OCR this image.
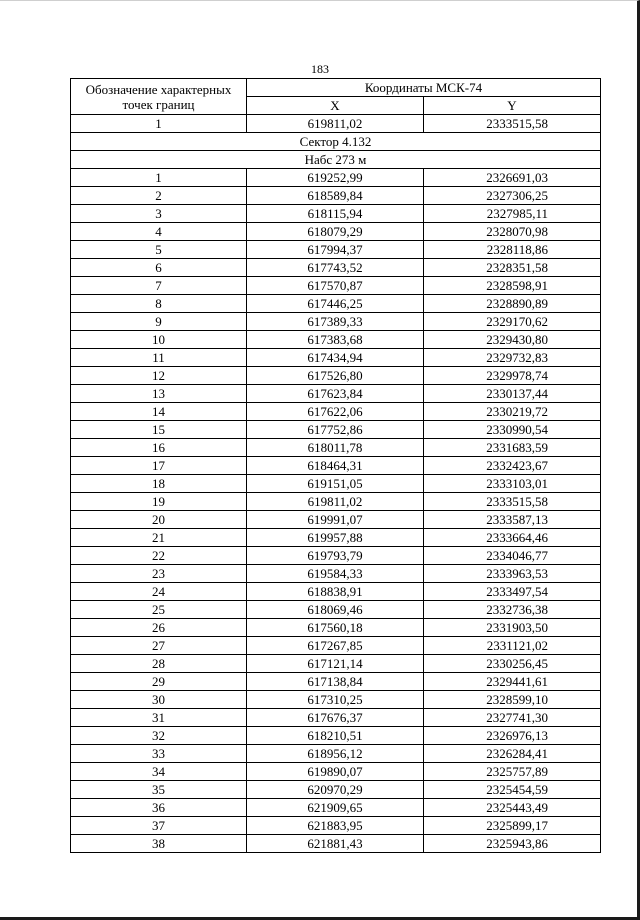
183
Обозначение характерных точек границ	Координаты МСК-74	
	X	Y
1	619811,02	2333515,58
Сектор 4.132		
Набс 273 м		
1	619252,99	2326691,03
2	618589,84	2327306,25
3	618115,94	2327985,11
4	618079,29	2328070,98
5	617994,37	2328118,86
6	617743,52	2328351,58
7	617570,87	2328598,91
8	617446,25	2328890,89
9	617389,33	2329170,62
10	617383,68	2329430,80
11	617434,94	2329732,83
12	617526,80	2329978,74
13	617623,84	2330137,44
14	617622,06	2330219,72
15	617752,86	2330990,54
16	618011,78	2331683,59
17	618464,31	2332423,67
18	619151,05	2333103,01
19	619811,02	2333515,58
20	619991,07	2333587,13
21	619957,88	2333664,46
22	619793,79	2334046,77
23	619584,33	2333963,53
24	618838,91	2333497,54
25	618069,46	2332736,38
26	617560,18	2331903,50
27	617267,85	2331121,02
28	617121,14	2330256,45
29	617138,84	2329441,61
30	617310,25	2328599,10
31	617676,37	2327741,30
32	618210,51	2326976,13
33	618956,12	2326284,41
34	619890,07	2325757,89
35	620970,29	2325454,59
36	621909,65	2325443,49
37	621883,95	2325899,17
38	621881,43	2325943,86
